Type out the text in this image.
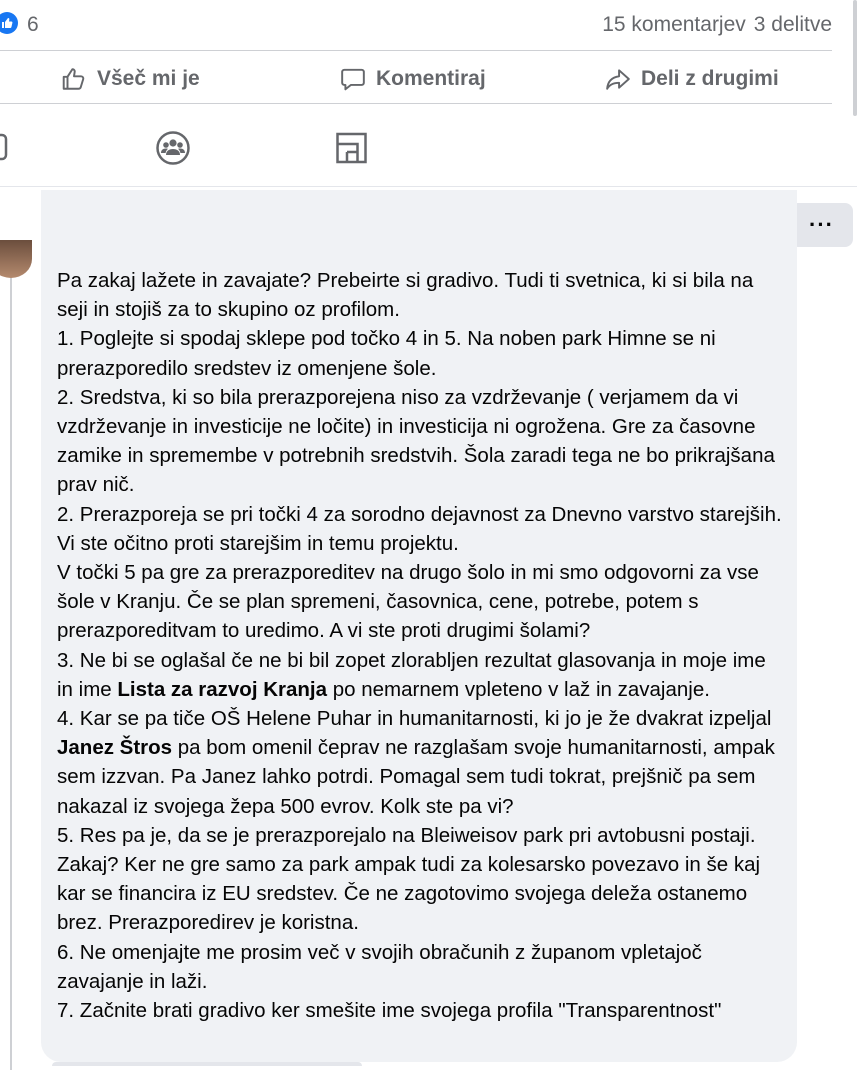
6	15 komentarjev 3 delitve
Všeč mi je	Komentiraj	Deli z drugimi
···

Pa zakaj lažete in zavajate? Prebeirte si gradivo. Tudi ti svetnica, ki si bila na seji in stojiš za to skupino oz profilom.

1. Poglejte si spodaj sklepe pod točko 4 in 5. Na noben park Himne se ni prerazporedilo sredstev iz omenjene šole.

2. Sredstva, ki so bila prerazporejena niso za vzdrževanje ( verjamem da vi vzdrževanje in investicije ne ločite) in investicija ni ogrožena. Gre za časovne zamike in spremembe v potrebnih sredstvih. Šola zaradi tega ne bo prikrajšana prav nič.

2. Prerazporeja se pri točki 4 za sorodno dejavnost za Dnevno varstvo starejših. Vi ste očitno proti starejšim in temu projektu.

V točki 5 pa gre za prerazporeditev na drugo šolo in mi smo odgovorni za vse šole v Kranju. Če se plan spremeni, časovnica, cene, potrebe, potem s prerazporeditvam to uredimo. A vi ste proti drugimi šolami?

3. Ne bi se oglašal če ne bi bil zopet zlorabljen rezultat glasovanja in moje ime in ime Lista za razvoj Kranja po nemarnem vpleteno v laž in zavajanje.

4. Kar se pa tiče OŠ Helene Puhar in humanitarnosti, ki jo je že dvakrat izpeljal Janez Štros pa bom omenil čeprav ne razglašam svoje humanitarnosti, ampak sem izzvan. Pa Janez lahko potrdi. Pomagal sem tudi tokrat, prejšnič pa sem nakazal iz svojega žepa 500 evrov. Kolk ste pa vi?

5. Res pa je, da se je prerazporejalo na Bleiweisov park pri avtobusni postaji. Zakaj? Ker ne gre samo za park ampak tudi za kolesarsko povezavo in še kaj kar se financira iz EU sredstev. Če ne zagotovimo svojega deleža ostanemo brez. Prerazporedirev je koristna.

6. Ne omenjajte me prosim več v svojih obračunih z županom vpletajoč zavajanje in laži.

7. Začnite brati gradivo ker smešite ime svojega profila "Transparentnost"
